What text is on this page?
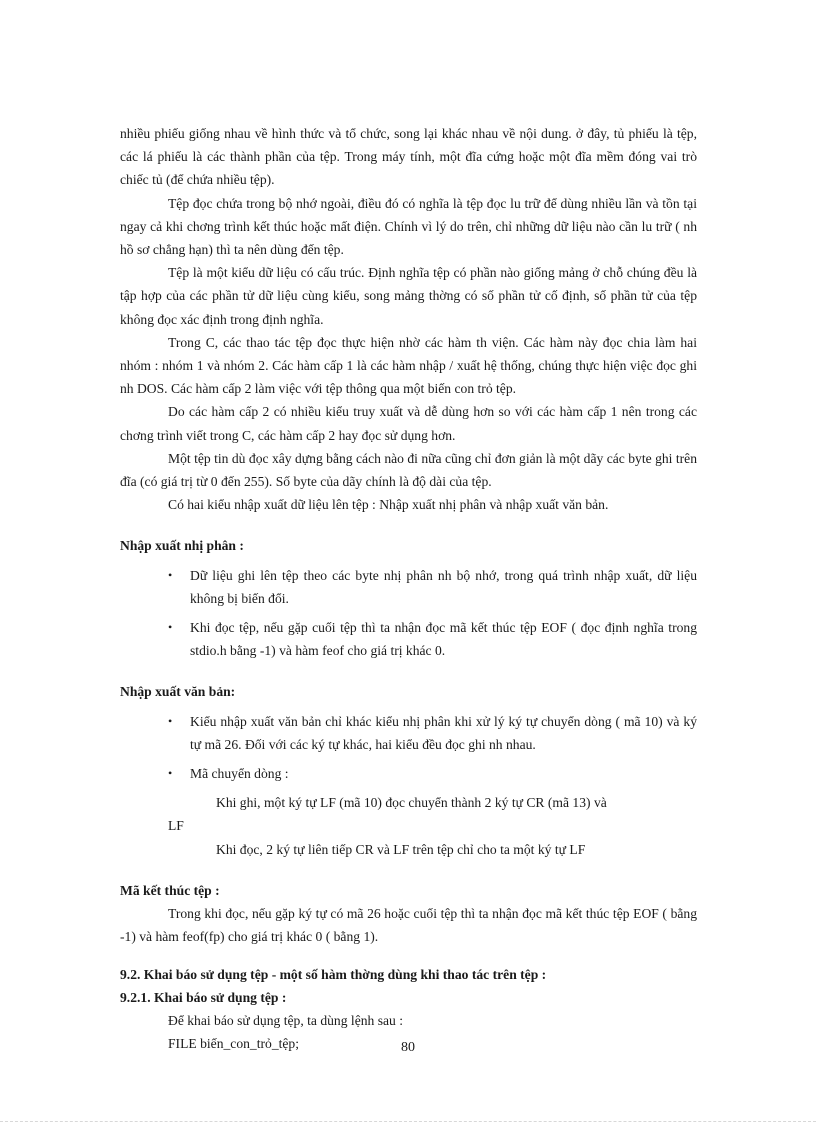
nhiều phiếu giống nhau về hình thức và tổ chức, song lại khác nhau về nội dung. ở đây, tủ phiếu là tệp, các lá phiếu là các thành phần của tệp. Trong máy tính, một đĩa cứng hoặc một đĩa mềm đóng vai trò chiếc tủ (để chứa nhiều tệp).

Tệp đọc chứa trong bộ nhớ ngoài, điều đó có nghĩa là tệp đọc lu trữ để dùng nhiều lần và tồn tại ngay cả khi chơng trình kết thúc hoặc mất điện. Chính vì lý do trên, chỉ những dữ liệu nào cần lu trữ ( nh hồ sơ chẳng hạn) thì ta nên dùng đến tệp.

Tệp là một kiểu dữ liệu có cấu trúc. Định nghĩa tệp có phần nào giống mảng ở chỗ chúng đều là tập hợp của các phần tử dữ liệu cùng kiểu, song mảng thờng có số phần tử cố định, số phần tử của tệp không đọc xác định trong định nghĩa.

Trong C, các thao tác tệp đọc thực hiện nhờ các hàm th viện. Các hàm này đọc chia làm hai nhóm : nhóm 1 và nhóm 2. Các hàm cấp 1 là các hàm nhập / xuất hệ thống, chúng thực hiện việc đọc ghi nh DOS. Các hàm cấp 2 làm việc với tệp thông qua một biến con trỏ tệp.

Do các hàm cấp 2 có nhiều kiểu truy xuất và dễ dùng hơn so với các hàm cấp 1 nên trong các chơng trình viết trong C, các hàm cấp 2 hay đọc sử dụng hơn.

Một tệp tin dù đọc xây dựng bằng cách nào đi nữa cũng chỉ đơn giản là một dãy các byte ghi trên đĩa (có giá trị từ 0 đến 255). Số byte của dãy chính là độ dài của tệp.

Có hai kiểu nhập xuất dữ liệu lên tệp : Nhập xuất nhị phân và nhập xuất văn bản.

Nhập xuất nhị phân :

• Dữ liệu ghi lên tệp theo các byte nhị phân nh bộ nhớ, trong quá trình nhập xuất, dữ liệu không bị biến đổi.
• Khi đọc tệp, nếu gặp cuối tệp thì ta nhận đọc mã kết thúc tệp EOF ( đọc định nghĩa trong stdio.h bằng -1) và hàm feof cho giá trị khác 0.

Nhập xuất văn bản:

• Kiểu nhập xuất văn bản chỉ khác kiểu nhị phân khi xử lý ký tự chuyển dòng ( mã 10) và ký tự mã 26. Đối với các ký tự khác, hai kiểu đều đọc ghi nh nhau.
• Mã chuyển dòng :

Khi ghi, một ký tự LF (mã 10) đọc chuyển thành 2 ký tự CR (mã 13) và

LF

Khi đọc, 2 ký tự liên tiếp CR và LF trên tệp chỉ cho ta một ký tự LF

Mã kết thúc tệp :

Trong khi đọc, nếu gặp ký tự có mã 26 hoặc cuối tệp thì ta nhận đọc mã kết thúc tệp EOF ( bằng -1) và hàm feof(fp) cho giá trị khác 0 ( bằng 1).

9.2. Khai báo sử dụng tệp - một số hàm thờng dùng khi thao tác trên tệp :

9.2.1. Khai báo sử dụng tệp :

Để khai báo sử dụng tệp, ta dùng lệnh sau :

FILE biến_con_trỏ_tệp;	80
